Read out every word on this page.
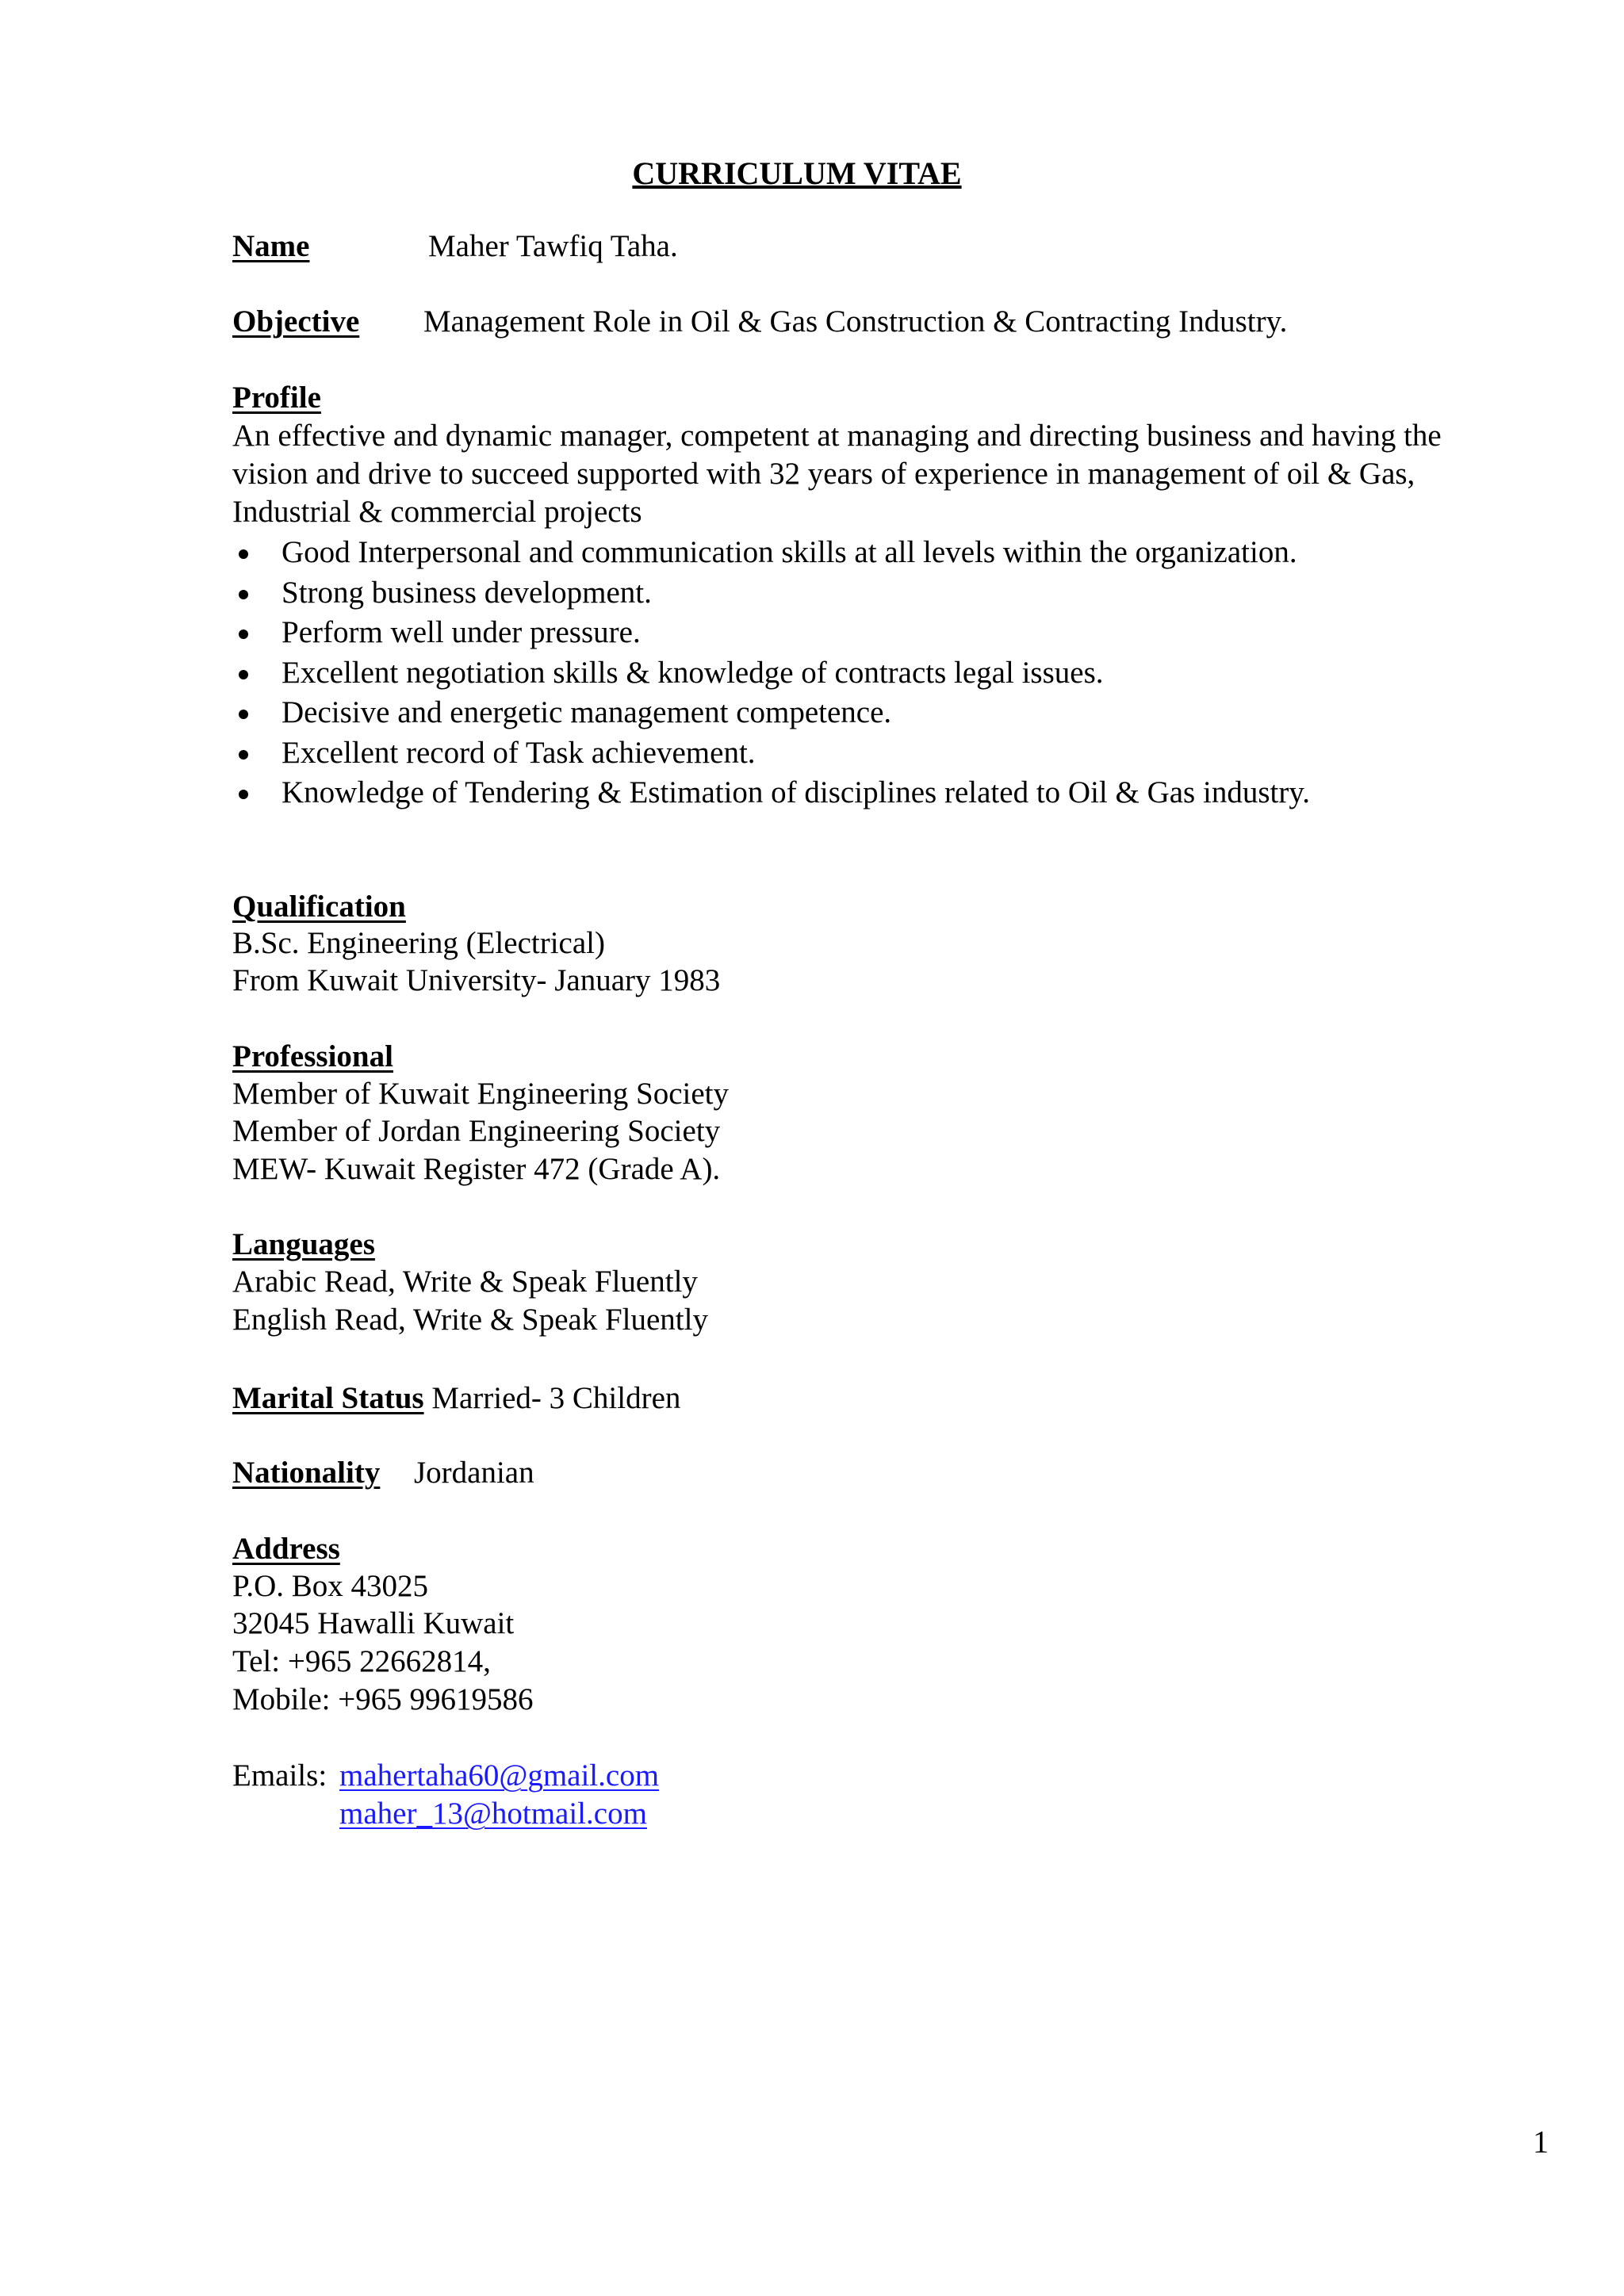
CURRICULUM VITAE
Name	Maher Tawfiq Taha.
Objective Management Role in Oil & Gas Construction & Contracting Industry.
Profile
An effective and dynamic manager, competent at managing and directing business and having the
vision and drive to succeed supported with 32 years of experience in management of oil & Gas,
Industrial & commercial projects
Good Interpersonal and communication skills at all levels within the organization.
Strong business development.
Perform well under pressure.
Excellent negotiation skills & knowledge of contracts legal issues.
Decisive and energetic management competence.
Excellent record of Task achievement.
Knowledge of Tendering & Estimation of disciplines related to Oil & Gas industry.
Qualification
B.Sc. Engineering (Electrical)
From Kuwait University- January 1983
Professional
Member of Kuwait Engineering Society
Member of Jordan Engineering Society
MEW- Kuwait Register 472 (Grade A).
Languages
Arabic Read, Write & Speak Fluently
English Read, Write & Speak Fluently
Marital Status Married- 3 Children
Nationality Jordanian
Address
P.O. Box 43025
32045 Hawalli Kuwait
Tel: +965 22662814,
Mobile: +965 99619586
Emails: mahertaha60@gmail.com
maher_13@hotmail.com
1
